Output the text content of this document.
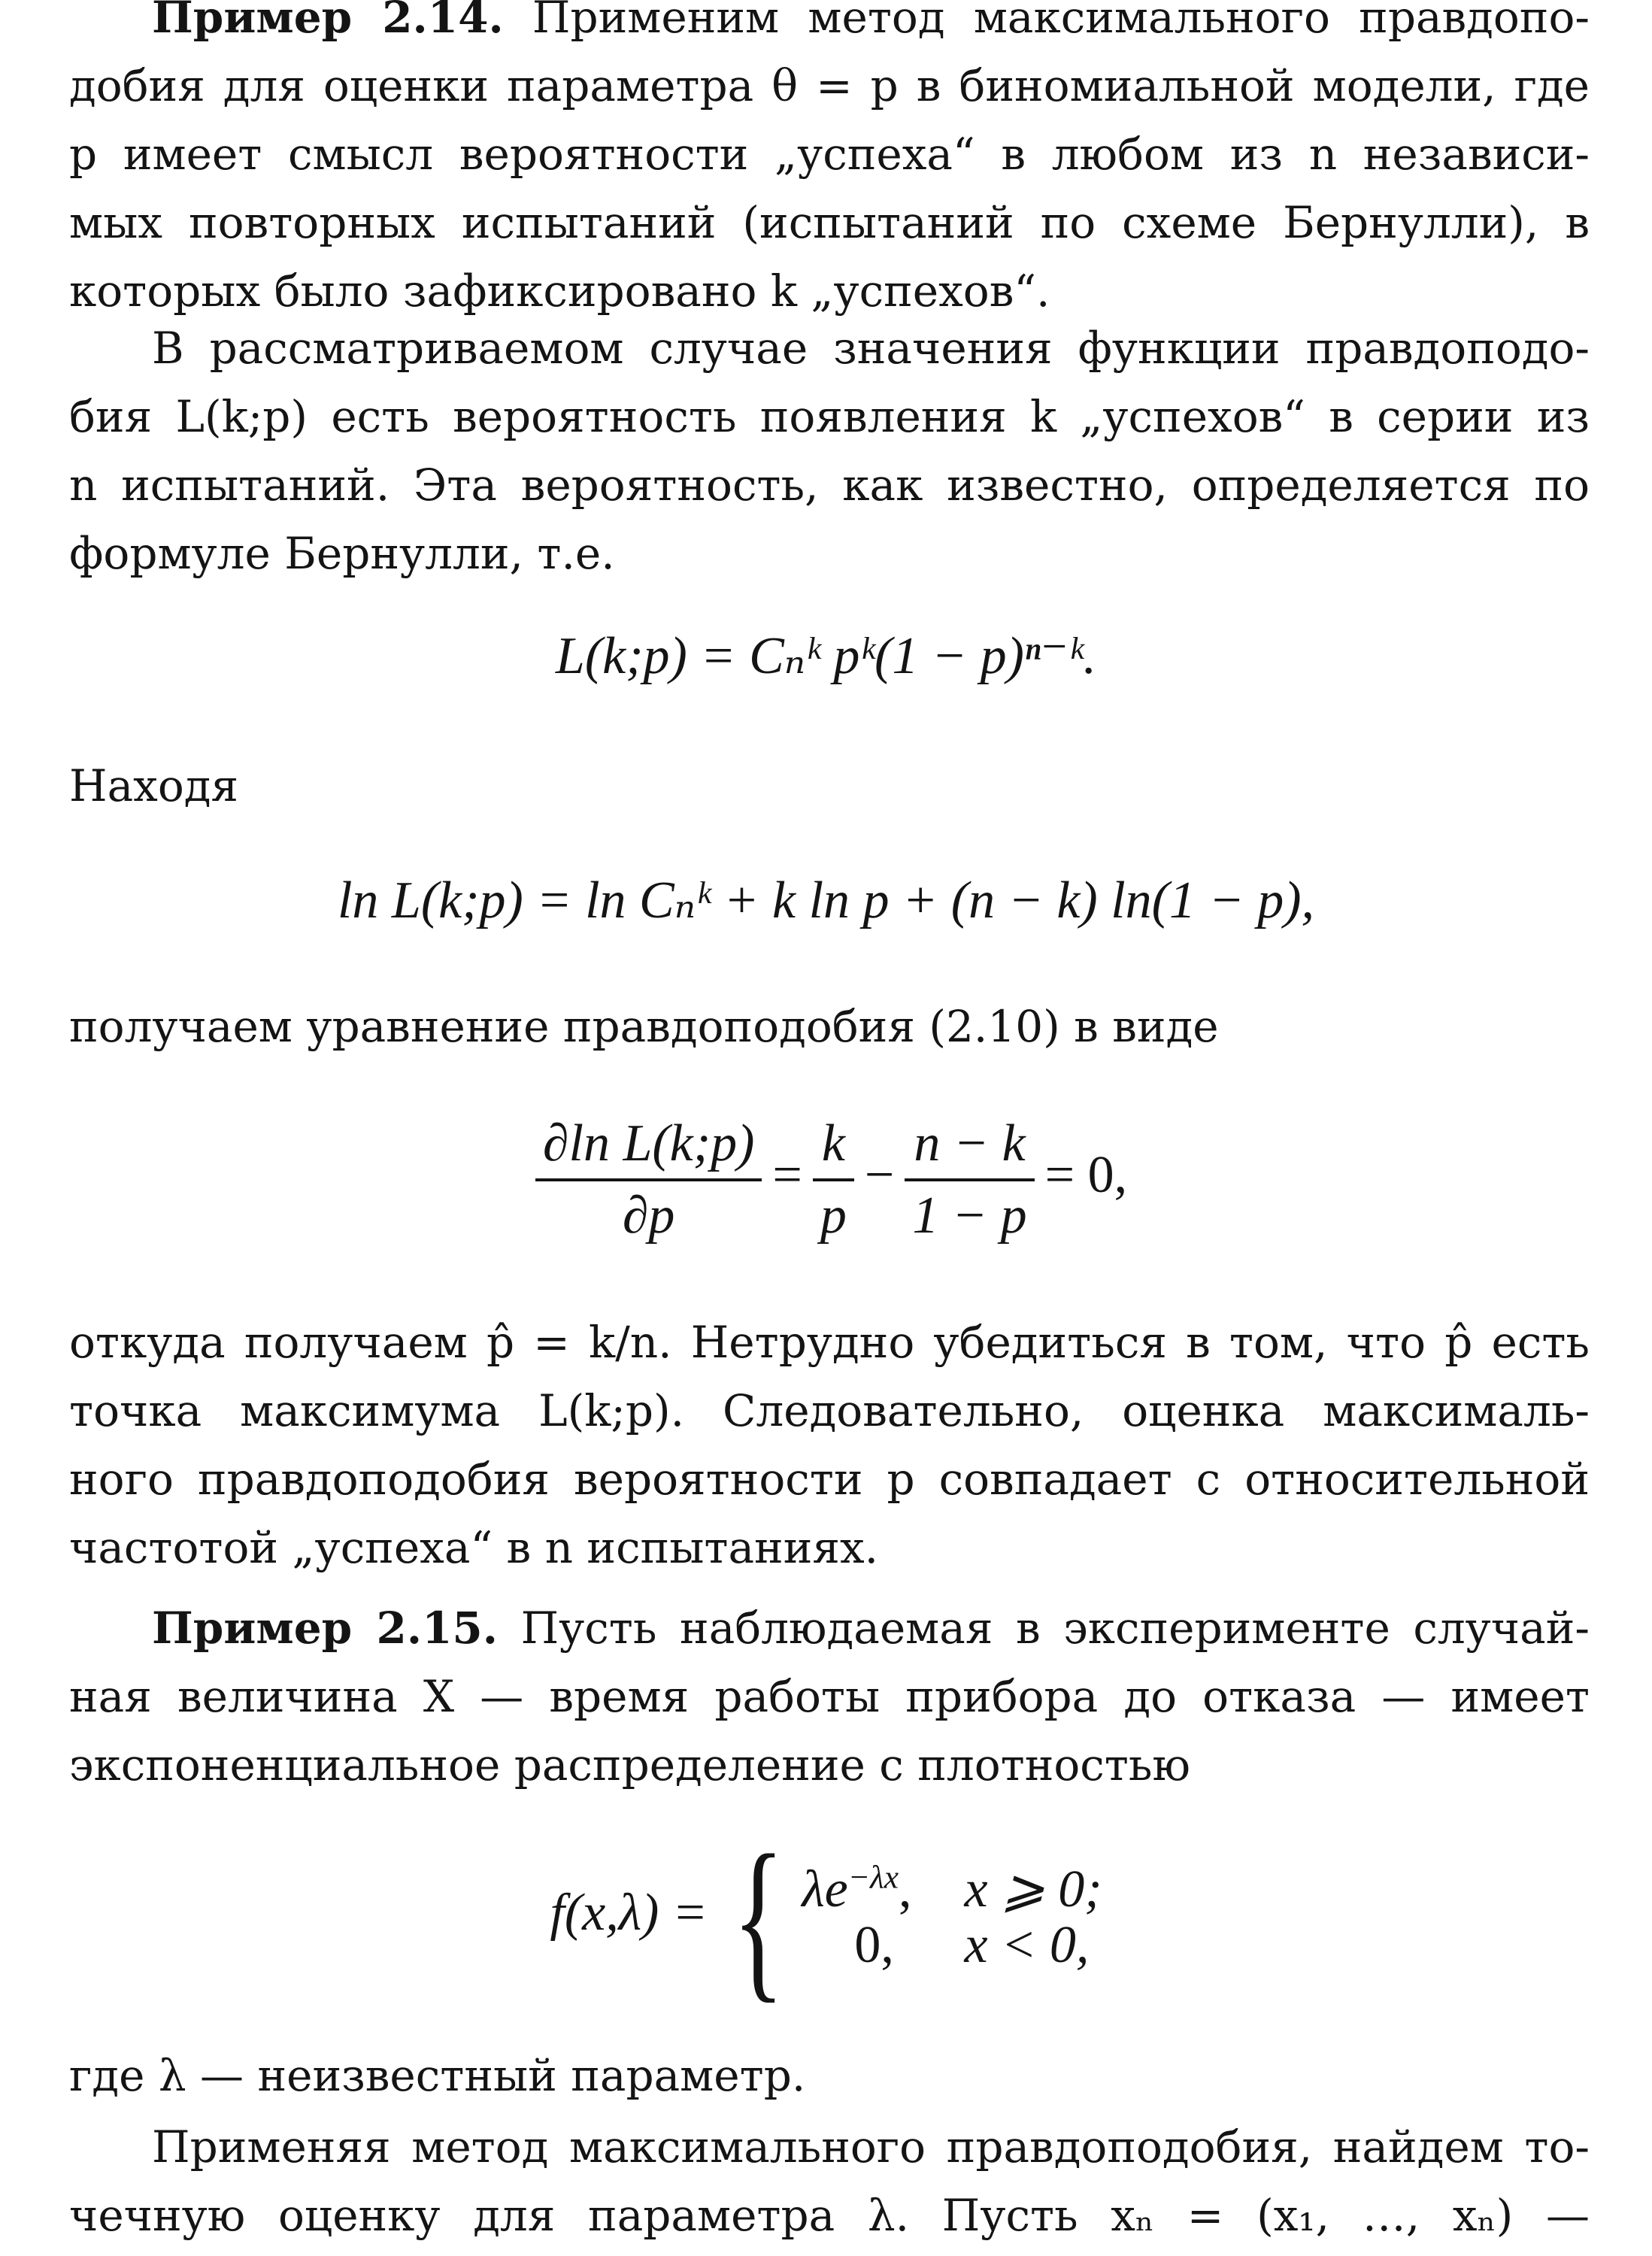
Пример 2.14. Применим метод максимального правдопо-
добия для оценки параметра θ = p в биномиальной модели, где
p имеет смысл вероятности „успеха“ в любом из n независи-
мых повторных испытаний (испытаний по схеме Бернулли), в
которых было зафиксировано k „успехов“.
В рассматриваемом случае значения функции правдоподо-
бия L(k;p) есть вероятность появления k „успехов“ в серии из
n испытаний. Эта вероятность, как известно, определяется по
формуле Бернулли, т.е.
L(k;p) = Cₙᵏ pᵏ(1 − p)ⁿ⁻ᵏ.
Находя
ln L(k;p) = ln Cₙᵏ + k ln p + (n − k) ln(1 − p),
получаем уравнение правдоподобия (2.10) в виде
$\frac{\text{∂ln L(k;p)}}{\partial p} = \frac{k}{p} - \frac{n - k}{1 - p} = 0$,
откуда получаем p̂ = k/n. Нетрудно убедиться в том, что p̂ есть
точка максимума L(k;p). Следовательно, оценка максималь-
ного правдоподобия вероятности p совпадает с относительной
частотой „успеха“ в n испытаниях.
Пример 2.15. Пусть наблюдаемая в эксперименте случай-
ная величина X — время работы прибора до отказа — имеет
экспоненциальное распределение с плотностью
f(x,λ) = { $\lambda e^{-\lambda x}$, x ⩾ 0;
0,	x < 0,
где λ — неизвестный параметр.
Применяя метод максимального правдоподобия, найдем то-
чечную оценку для параметра λ. Пусть xₙ = (x₁, …, xₙ) —
